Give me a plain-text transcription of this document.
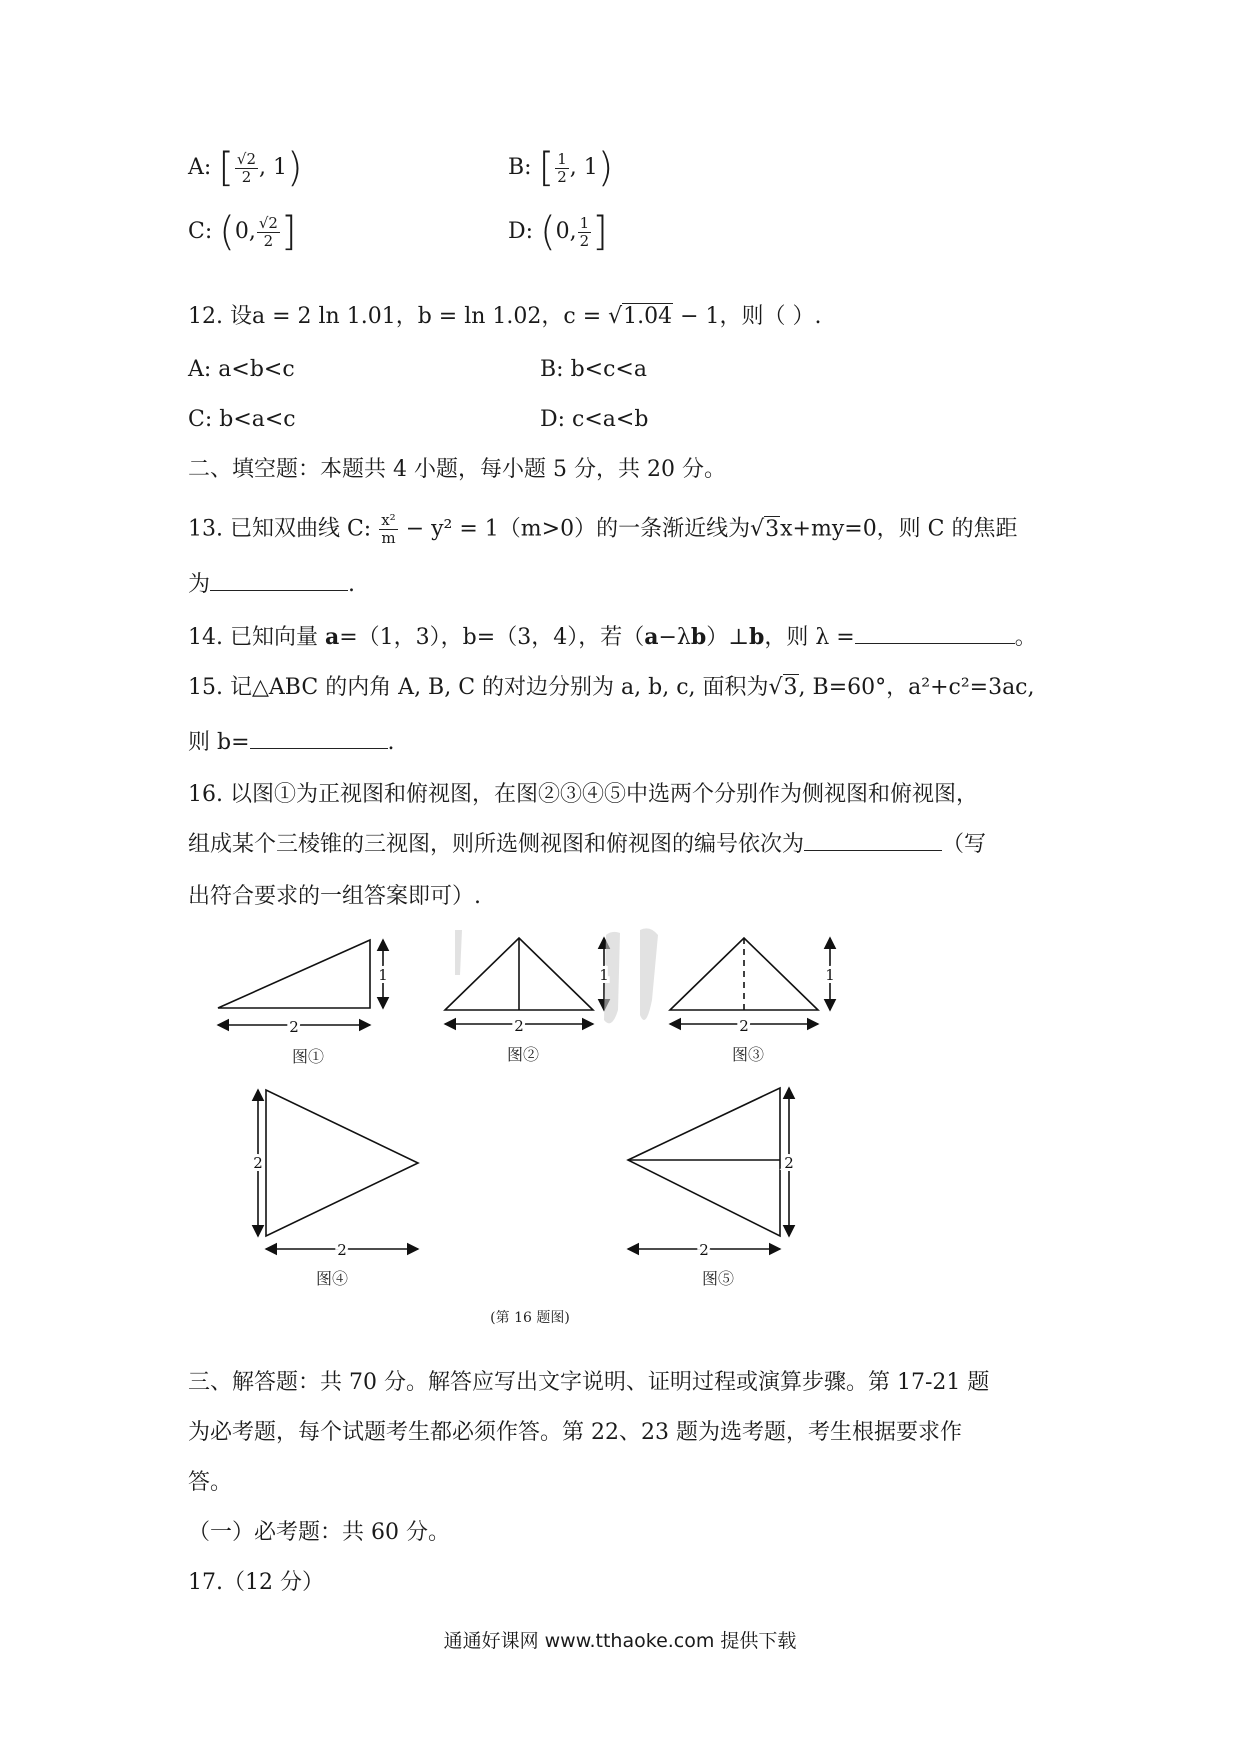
A: [ $\frac{√2}{2}$ , 1)	B: [ $\frac{1}{2}$ , 1)
C: (0, $\frac{√2}{2}$ ]	D: (0, $\frac{1}{2}$ ]
12. 设a = 2 ln 1.01，b = ln 1.02，c = √1.04 − 1，则（ ）.
A: a<b<c	B: b<c<a
C: b<a<c	D: c<a<b
二、填空题：本题共 4 小题，每小题 5 分，共 20 分。
13. 已知双曲线 C: $\frac{\text{x²}}{m} - y^2 = 1(m>0)$的一条渐近线为√3x+my=0，则 C 的焦距
为	.
14. 已知向量 a=（1，3），b=（3，4），若（a−λb）⊥b，则 λ =	。
15. 记△ABC 的内角 A, B, C 的对边分别为 a, b, c, 面积为√3, B=60°，a²+c²=3ac,
则 b=	.
16. 以图①为正视图和俯视图，在图②③④⑤中选两个分别作为侧视图和俯视图，
组成某个三棱锥的三视图，则所选侧视图和俯视图的编号依次为	（写
出符合要求的一组答案即可）.
2
1
2
1
2
1
2
2
2
2
图①	图②	图③
图④	图⑤
(第 16 题图)
三、解答题：共 70 分。解答应写出文字说明、证明过程或演算步骤。第 17-21 题
为必考题，每个试题考生都必须作答。第 22、23 题为选考题，考生根据要求作
答。
（一）必考题：共 60 分。
17.（12 分）
通通好课网 www.tthaoke.com 提供下载
